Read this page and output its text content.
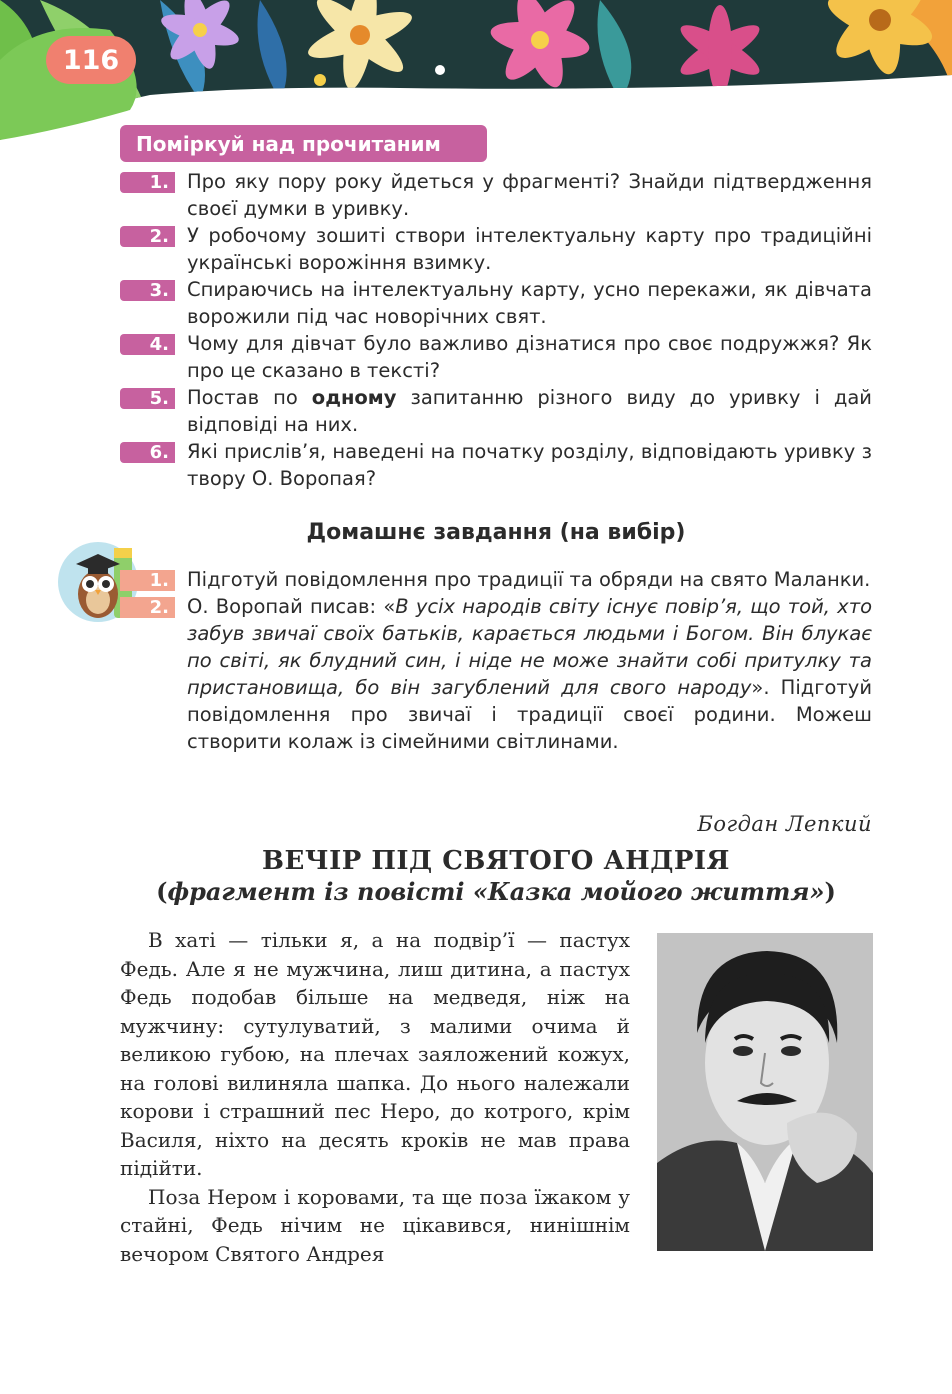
116
Поміркуй над прочитаним
1. Про яку пору року йдеться у фрагменті? Знайди підтвердження своєї думки в уривку.
2. У робочому зошиті створи інтелектуальну карту про традиційні українські ворожіння взимку.
3. Спираючись на інтелектуальну карту, усно перекажи, як дівчата ворожили під час новорічних свят.
4. Чому для дівчат було важливо дізнатися про своє подружжя? Як про це сказано в тексті?
5. Постав по одному запитанню різного виду до уривку і дай відповіді на них.
6. Які прислів’я, наведені на початку розділу, відповідають уривку з твору О. Воропая?
Домашнє завдання (на вибір)
1. Підготуй повідомлення про традиції та обряди на свято Маланки.
2. О. Воропай писав: «В усіх народів світу існує повір’я, що той, хто забув звичаї своїх батьків, карається людьми і Богом. Він блукає по світі, як блудний син, і ніде не може знайти собі притулку та пристановища, бо він загублений для свого народу». Підготуй повідомлення про звичаї і традиції своєї родини. Можеш створити колаж із сімейними світлинами.
Богдан Лепкий
ВЕЧІР ПІД СВЯТОГО АНДРІЯ
(фрагмент із повісті «Казка мойого життя»)

В хаті — тільки я, а на подвір’ї — пастух Федь. Але я не мужчина, лиш дитина, а пастух Федь подобав більше на медведя, ніж на мужчину: сутулуватий, з малими очима й великою губою, на плечах заяложений кожух, на голові вилиняла шапка. До нього належали корови і страшний пес Неро, до котрого, крім Василя, ніхто на десять кроків не мав права підійти.

Поза Нером і коровами, та ще поза їжаком у стайні, Федь нічим не цікавився, нинішнім вечором Святого Андрея
